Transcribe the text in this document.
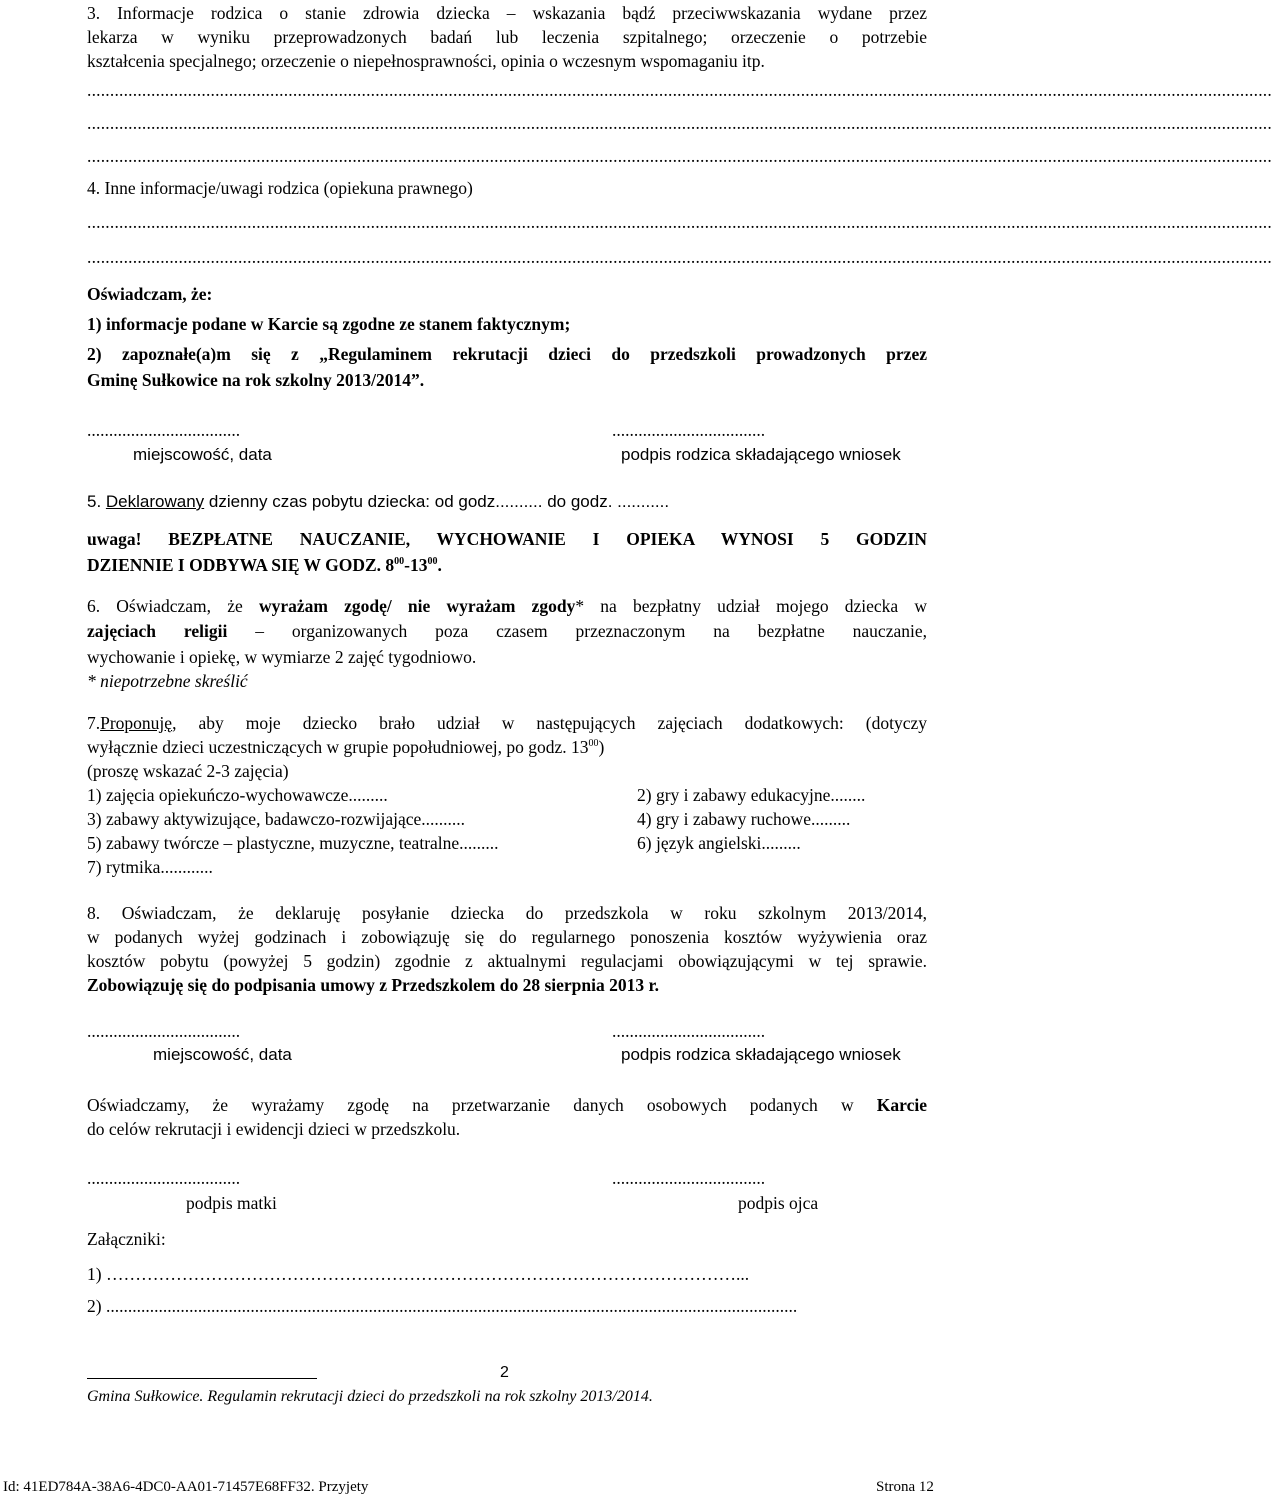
3. Informacje rodzica o stanie zdrowia dziecka – wskazania bądź przeciwwskazania wydane przez
lekarza w wyniku przeprowadzonych badań lub leczenia szpitalnego; orzeczenie o potrzebie
kształcenia specjalnego; orzeczenie o niepełnosprawności, opinia o wczesnym wspomaganiu itp.
...................................................................................................................................................................................................................................................................
...................................................................................................................................................................................................................................................................
...................................................................................................................................................................................................................................................................
4. Inne informacje/uwagi rodzica (opiekuna prawnego)
...................................................................................................................................................................................................................................................................
...................................................................................................................................................................................................................................................................
Oświadczam, że:
1) informacje podane w Karcie są zgodne ze stanem faktycznym;
2) zapoznałe(a)m się z „Regulaminem rekrutacji dzieci do przedszkoli prowadzonych przez
Gminę Sułkowice na rok szkolny 2013/2014”.
...................................	...................................
miejscowość, data	podpis rodzica składającego wniosek
5. Deklarowany dzienny czas pobytu dziecka: od godz.......... do godz. ...........
uwaga! BEZPŁATNE NAUCZANIE, WYCHOWANIE I OPIEKA WYNOSI 5 GODZIN
DZIENNIE I ODBYWA SIĘ W GODZ. $8^{00}-13^{00}$.
6. Oświadczam, że wyrażam zgodę/ nie wyrażam zgody* na bezpłatny udział mojego dziecka w
zajęciach religii – organizowanych poza czasem przeznaczonym na bezpłatne nauczanie,
wychowanie i opiekę, w wymiarze 2 zajęć tygodniowo.
* niepotrzebne skreślić
7.Proponuję, aby moje dziecko brało udział w następujących zajęciach dodatkowych: (dotyczy
wyłącznie dzieci uczestniczących w grupie popołudniowej, po godz. $13^{00}$)
(proszę wskazać 2-3 zajęcia)
1) zajęcia opiekuńczo-wychowawcze.........	2) gry i zabawy edukacyjne........
3) zabawy aktywizujące, badawczo-rozwijające..........	4) gry i zabawy ruchowe.........
5) zabawy twórcze – plastyczne, muzyczne, teatralne.........	6) język angielski.........
7) rytmika............
8. Oświadczam, że deklaruję posyłanie dziecka do przedszkola w roku szkolnym 2013/2014,
w podanych wyżej godzinach i zobowiązuję się do regularnego ponoszenia kosztów wyżywienia oraz
kosztów pobytu (powyżej 5 godzin) zgodnie z aktualnymi regulacjami obowiązującymi w tej sprawie.
Zobowiązuję się do podpisania umowy z Przedszkolem do 28 sierpnia 2013 r.
...................................	...................................
miejscowość, data	podpis rodzica składającego wniosek
Oświadczamy, że wyrażamy zgodę na przetwarzanie danych osobowych podanych w Karcie
do celów rekrutacji i ewidencji dzieci w przedszkolu.
...................................	...................................
podpis matki	podpis ojca
Załączniki:
1) ………………………………………………………………………………………………...
2) ..............................................................................................................................................................
2
Gmina Sułkowice. Regulamin rekrutacji dzieci do przedszkoli na rok szkolny 2013/2014.
Id: 41ED784A-38A6-4DC0-AA01-71457E68FF32. Przyjety	Strona 12
